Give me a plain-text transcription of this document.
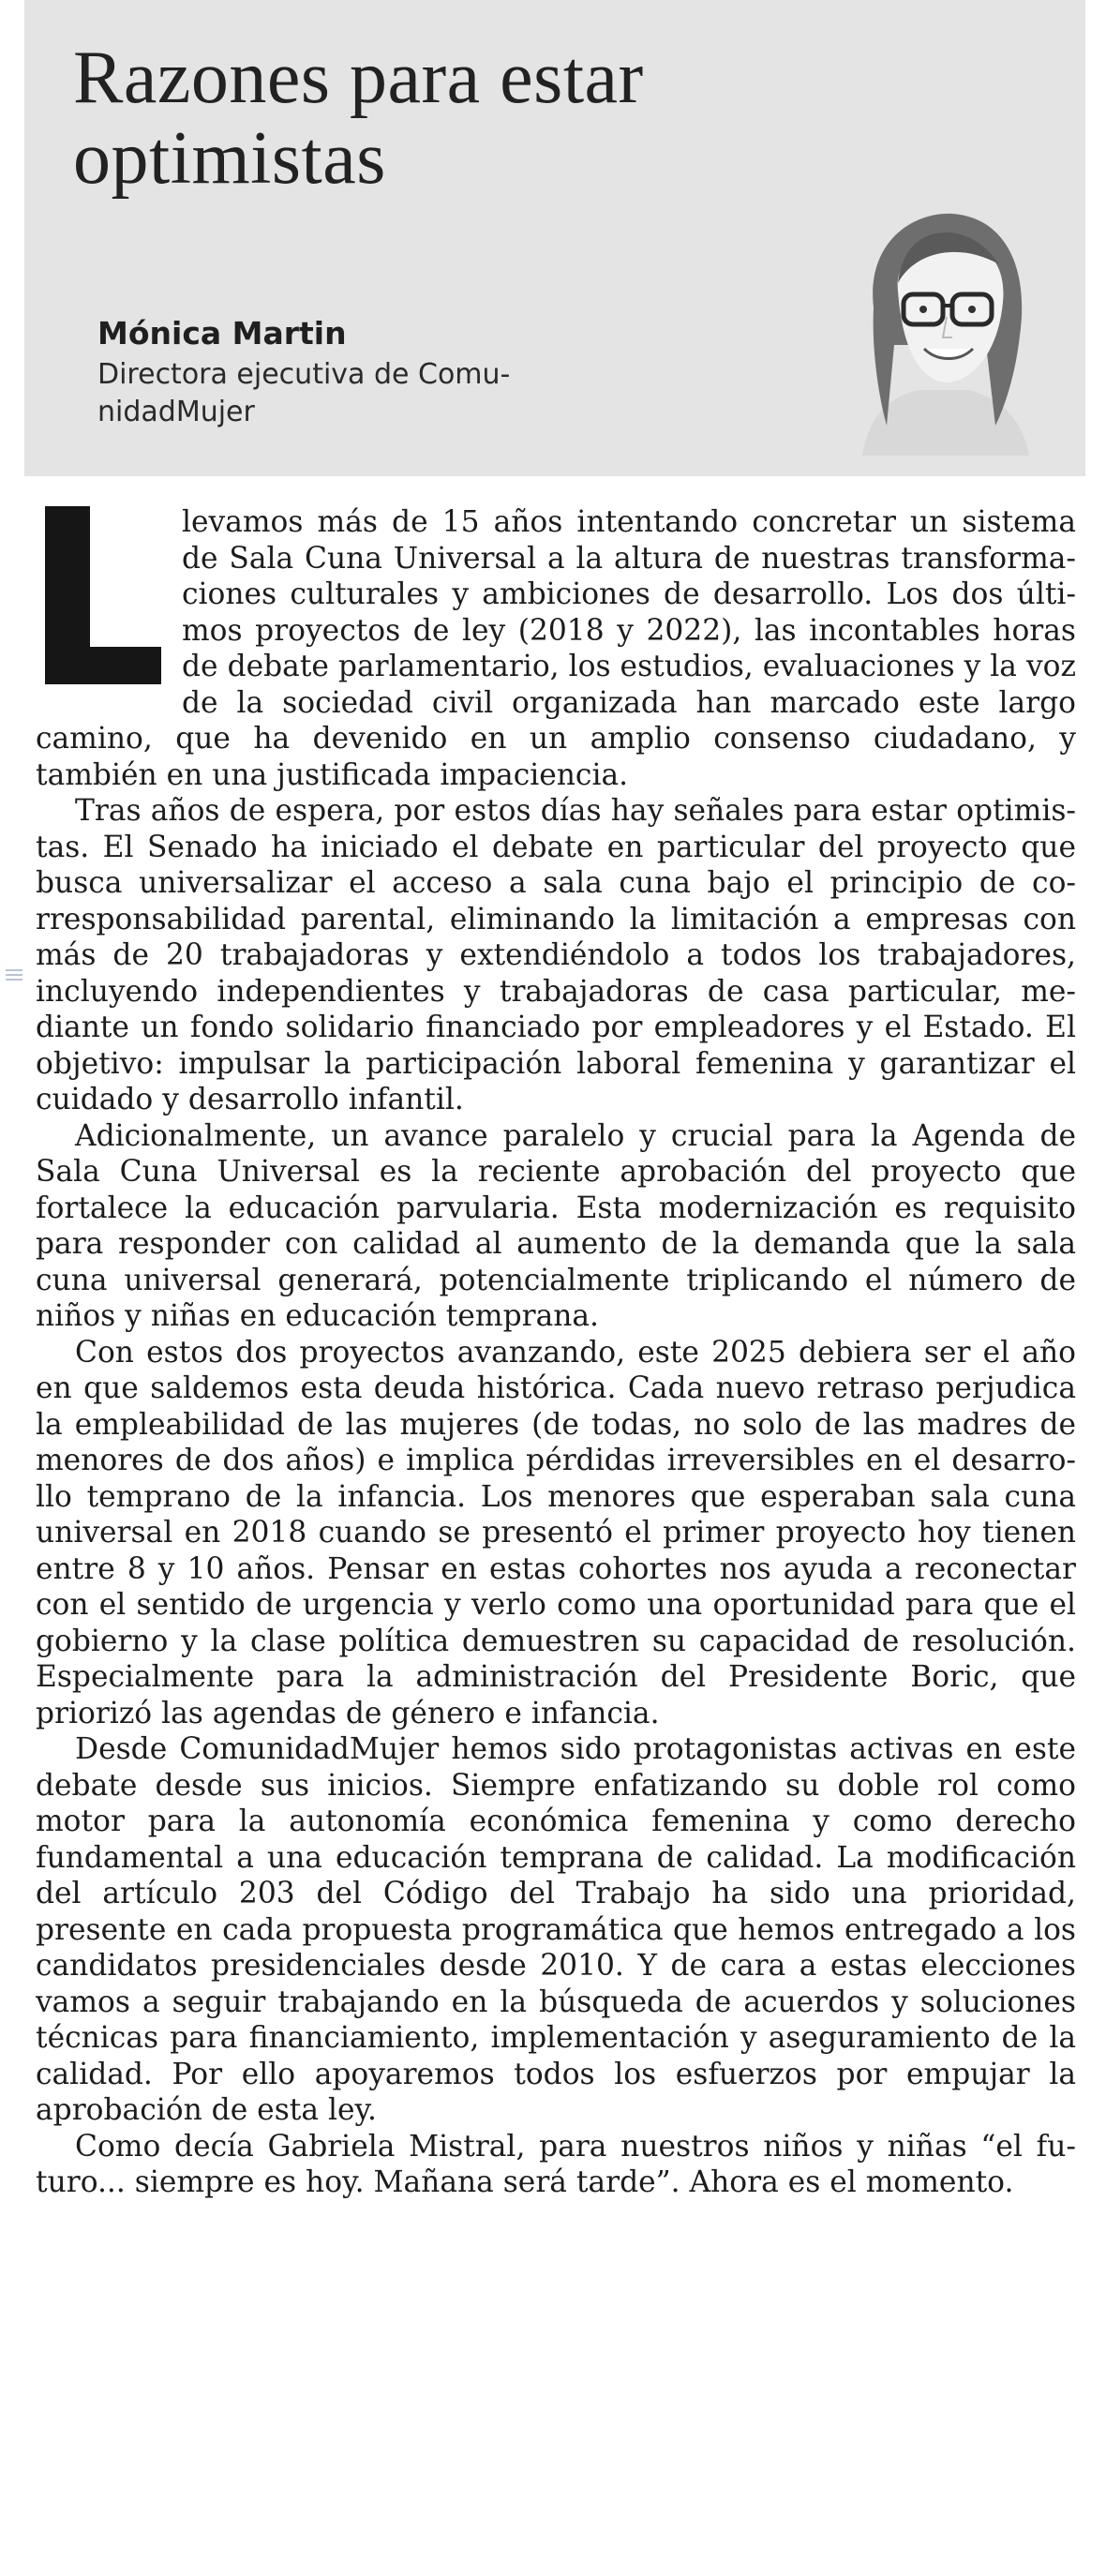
Razones para estar optimistas

Mónica Martin

Directora ejecutiva de ComunidadMujer

levamos más de 15 años intentando concretar un sistema de Sala Cuna Universal a la altura de nuestras transformaciones culturales y ambiciones de desarrollo. Los dos últimos proyectos de ley (2018 y 2022), las incontables horas de debate parlamentario, los estudios, evaluaciones y la voz de la sociedad civil organizada han marcado este largo camino, que ha devenido en un amplio consenso ciudadano, y también en una justificada impaciencia.

Tras años de espera, por estos días hay señales para estar optimistas. El Senado ha iniciado el debate en particular del proyecto que busca universalizar el acceso a sala cuna bajo el principio de corresponsabilidad parental, eliminando la limitación a empresas con más de 20 trabajadoras y extendiéndolo a todos los trabajadores, incluyendo independientes y trabajadoras de casa particular, mediante un fondo solidario financiado por empleadores y el Estado. El objetivo: impulsar la participación laboral femenina y garantizar el cuidado y desarrollo infantil.

Adicionalmente, un avance paralelo y crucial para la Agenda de Sala Cuna Universal es la reciente aprobación del proyecto que fortalece la educación parvularia. Esta modernización es requisito para responder con calidad al aumento de la demanda que la sala cuna universal generará, potencialmente triplicando el número de niños y niñas en educación temprana.

Con estos dos proyectos avanzando, este 2025 debiera ser el año en que saldemos esta deuda histórica. Cada nuevo retraso perjudica la empleabilidad de las mujeres (de todas, no solo de las madres de menores de dos años) e implica pérdidas irreversibles en el desarrollo temprano de la infancia. Los menores que esperaban sala cuna universal en 2018 cuando se presentó el primer proyecto hoy tienen entre 8 y 10 años. Pensar en estas cohortes nos ayuda a reconectar con el sentido de urgencia y verlo como una oportunidad para que el gobierno y la clase política demuestren su capacidad de resolución. Especialmente para la administración del Presidente Boric, que priorizó las agendas de género e infancia.

Desde ComunidadMujer hemos sido protagonistas activas en este debate desde sus inicios. Siempre enfatizando su doble rol como motor para la autonomía económica femenina y como derecho fundamental a una educación temprana de calidad. La modificación del artículo 203 del Código del Trabajo ha sido una prioridad, presente en cada propuesta programática que hemos entregado a los candidatos presidenciales desde 2010. Y de cara a estas elecciones vamos a seguir trabajando en la búsqueda de acuerdos y soluciones técnicas para financiamiento, implementación y aseguramiento de la calidad. Por ello apoyaremos todos los esfuerzos por empujar la aprobación de esta ley.

Como decía Gabriela Mistral, para nuestros niños y niñas “el futuro... siempre es hoy. Mañana será tarde”. Ahora es el momento.
